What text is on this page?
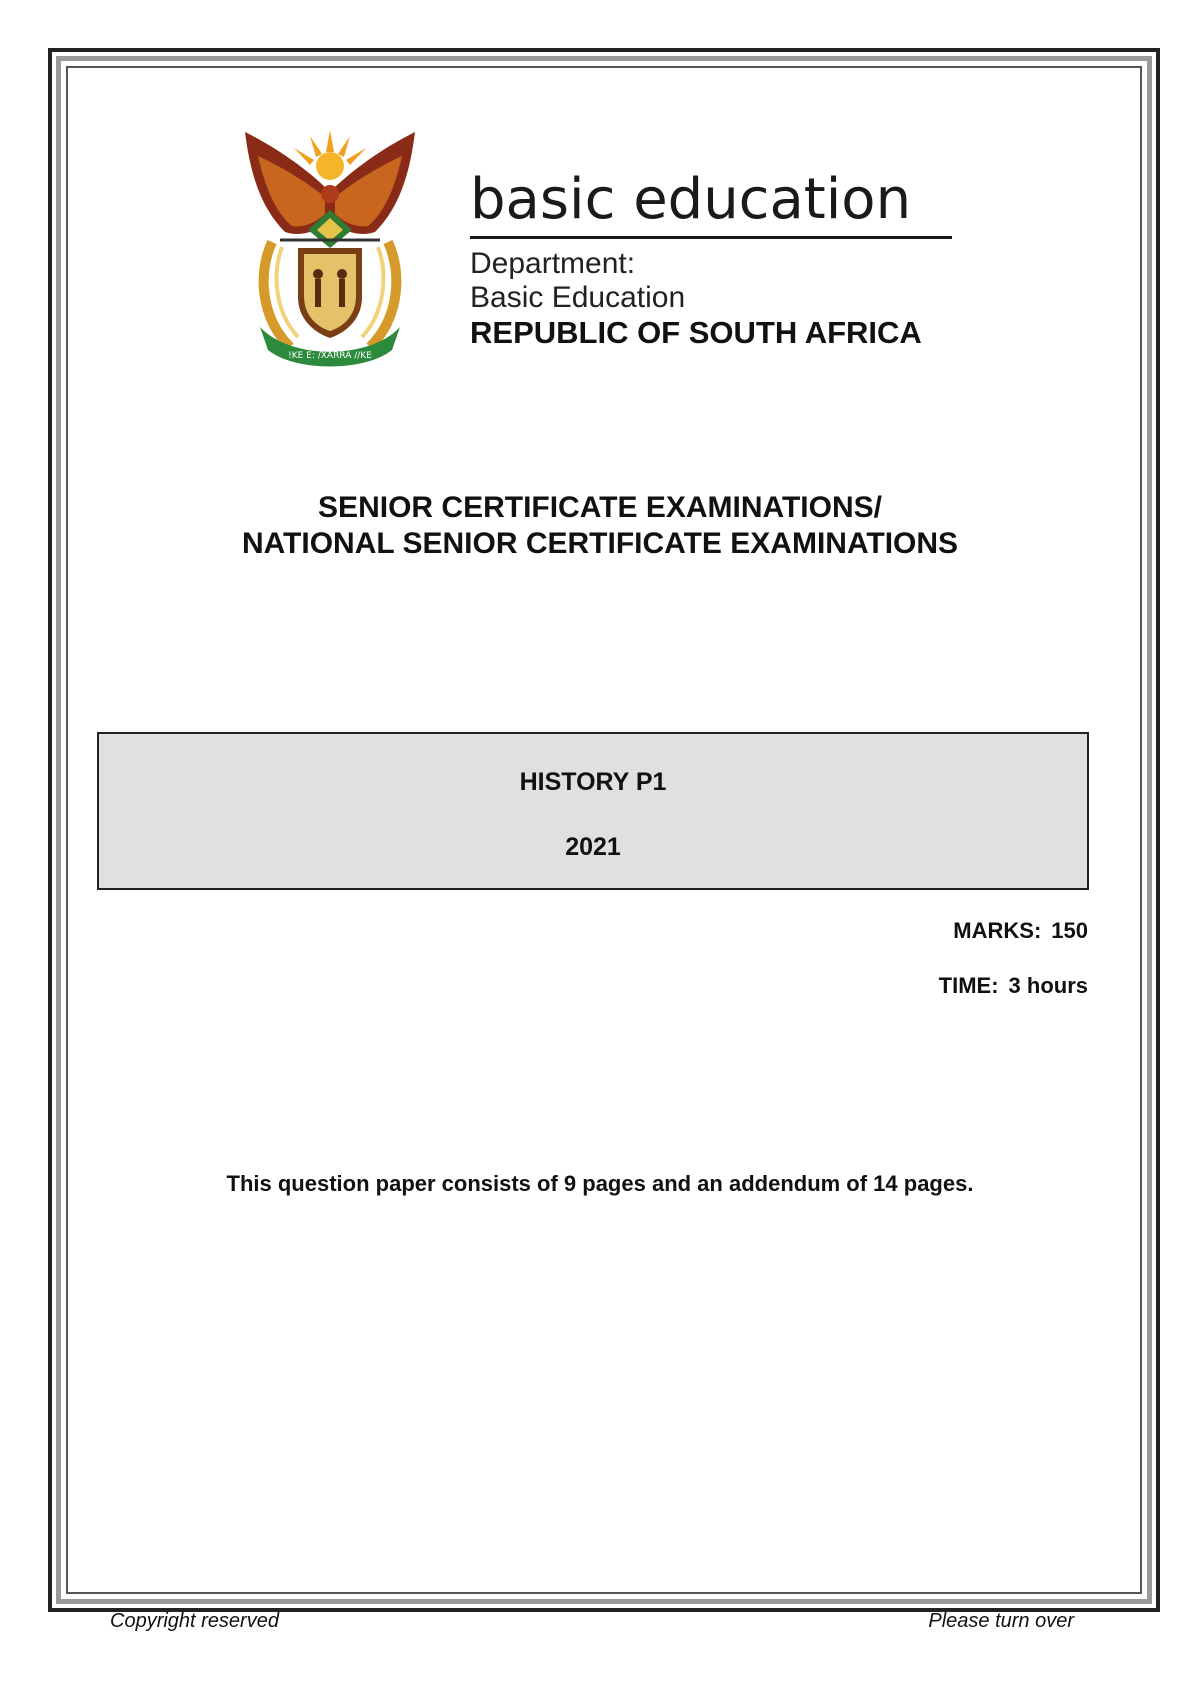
!KE E: /XARRA //KE
basic education
Department:
Basic Education
REPUBLIC OF SOUTH AFRICA
SENIOR CERTIFICATE EXAMINATIONS/
NATIONAL SENIOR CERTIFICATE EXAMINATIONS
HISTORY P1
2021
MARKS: 150
TIME: 3 hours
This question paper consists of 9 pages and an addendum of 14 pages.
Copyright reserved	Please turn over
